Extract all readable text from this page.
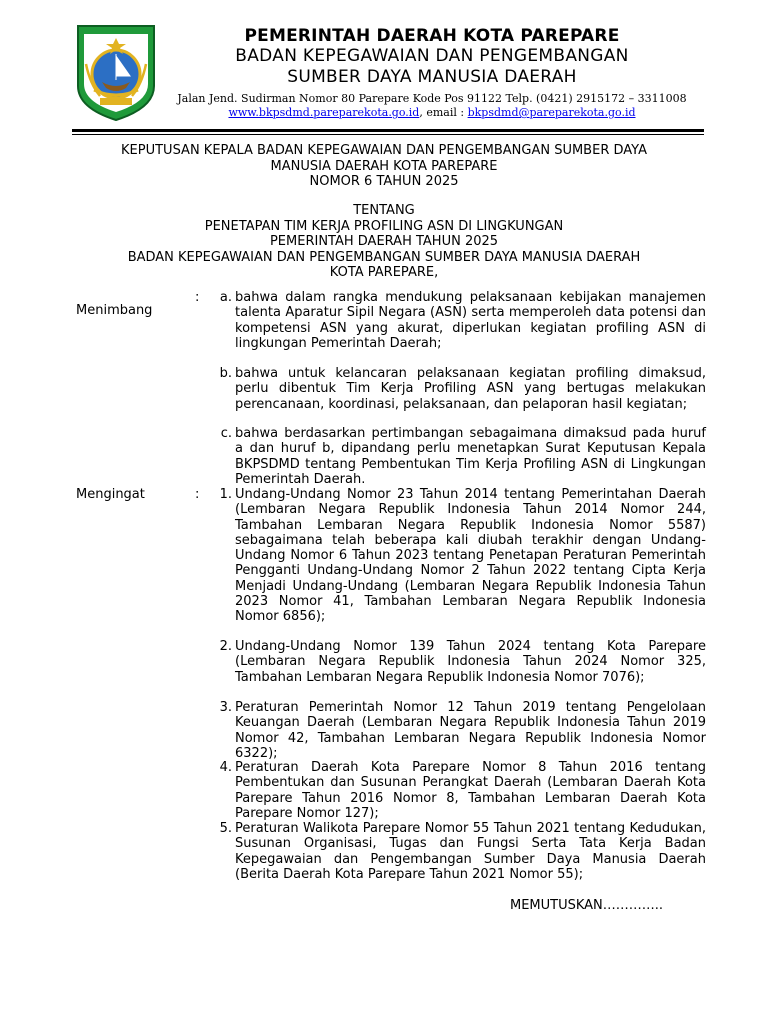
PEMERINTAH DAERAH KOTA PAREPARE
BADAN KEPEGAWAIAN DAN PENGEMBANGAN
SUMBER DAYA MANUSIA DAERAH
Jalan Jend. Sudirman Nomor 80 Parepare Kode Pos 91122 Telp. (0421) 2915172 – 3311008
www.bkpsdmd.pareparekota.go.id, email : bkpsdmd@pareparekota.go.id
KEPUTUSAN KEPALA BADAN KEPEGAWAIAN DAN PENGEMBANGAN SUMBER DAYA
MANUSIA DAERAH KOTA PAREPARE
NOMOR 6 TAHUN 2025
TENTANG
PENETAPAN TIM KERJA PROFILING ASN DI LINGKUNGAN
PEMERINTAH DAERAH TAHUN 2025
BADAN KEPEGAWAIAN DAN PENGEMBANGAN SUMBER DAYA MANUSIA DAERAH
KOTA PAREPARE,
Menimbang
:	a. bahwa dalam rangka mendukung pelaksanaan kebijakan manajemen talenta Aparatur Sipil Negara (ASN) serta memperoleh data potensi dan kompetensi ASN yang akurat, diperlukan kegiatan profiling ASN di lingkungan Pemerintah Daerah;
b. bahwa untuk kelancaran pelaksanaan kegiatan profiling dimaksud, perlu dibentuk Tim Kerja Profiling ASN yang bertugas melakukan perencanaan, koordinasi, pelaksanaan, dan pelaporan hasil kegiatan;
c. bahwa berdasarkan pertimbangan sebagaimana dimaksud pada huruf a dan huruf b, dipandang perlu menetapkan Surat Keputusan Kepala BKPSDMD tentang Pembentukan Tim Kerja Profiling ASN di Lingkungan Pemerintah Daerah.
Mengingat	:	1. Undang-Undang Nomor 23 Tahun 2014 tentang Pemerintahan Daerah (Lembaran Negara Republik Indonesia Tahun 2014 Nomor 244, Tambahan Lembaran Negara Republik Indonesia Nomor 5587) sebagaimana telah beberapa kali diubah terakhir dengan Undang-Undang Nomor 6 Tahun 2023 tentang Penetapan Peraturan Pemerintah Pengganti Undang-Undang Nomor 2 Tahun 2022 tentang Cipta Kerja Menjadi Undang-Undang (Lembaran Negara Republik Indonesia Tahun 2023 Nomor 41, Tambahan Lembaran Negara Republik Indonesia Nomor 6856);
2. Undang-Undang Nomor 139 Tahun 2024 tentang Kota Parepare (Lembaran Negara Republik Indonesia Tahun 2024 Nomor 325, Tambahan Lembaran Negara Republik Indonesia Nomor 7076);
3. Peraturan Pemerintah Nomor 12 Tahun 2019 tentang Pengelolaan Keuangan Daerah (Lembaran Negara Republik Indonesia Tahun 2019 Nomor 42, Tambahan Lembaran Negara Republik Indonesia Nomor 6322);
4. Peraturan Daerah Kota Parepare Nomor 8 Tahun 2016 tentang Pembentukan dan Susunan Perangkat Daerah (Lembaran Daerah Kota Parepare Tahun 2016 Nomor 8, Tambahan Lembaran Daerah Kota Parepare Nomor 127);
5. Peraturan Walikota Parepare Nomor 55 Tahun 2021 tentang Kedudukan, Susunan Organisasi, Tugas dan Fungsi Serta Tata Kerja Badan Kepegawaian dan Pengembangan Sumber Daya Manusia Daerah (Berita Daerah Kota Parepare Tahun 2021 Nomor 55);
MEMUTUSKAN…………..
